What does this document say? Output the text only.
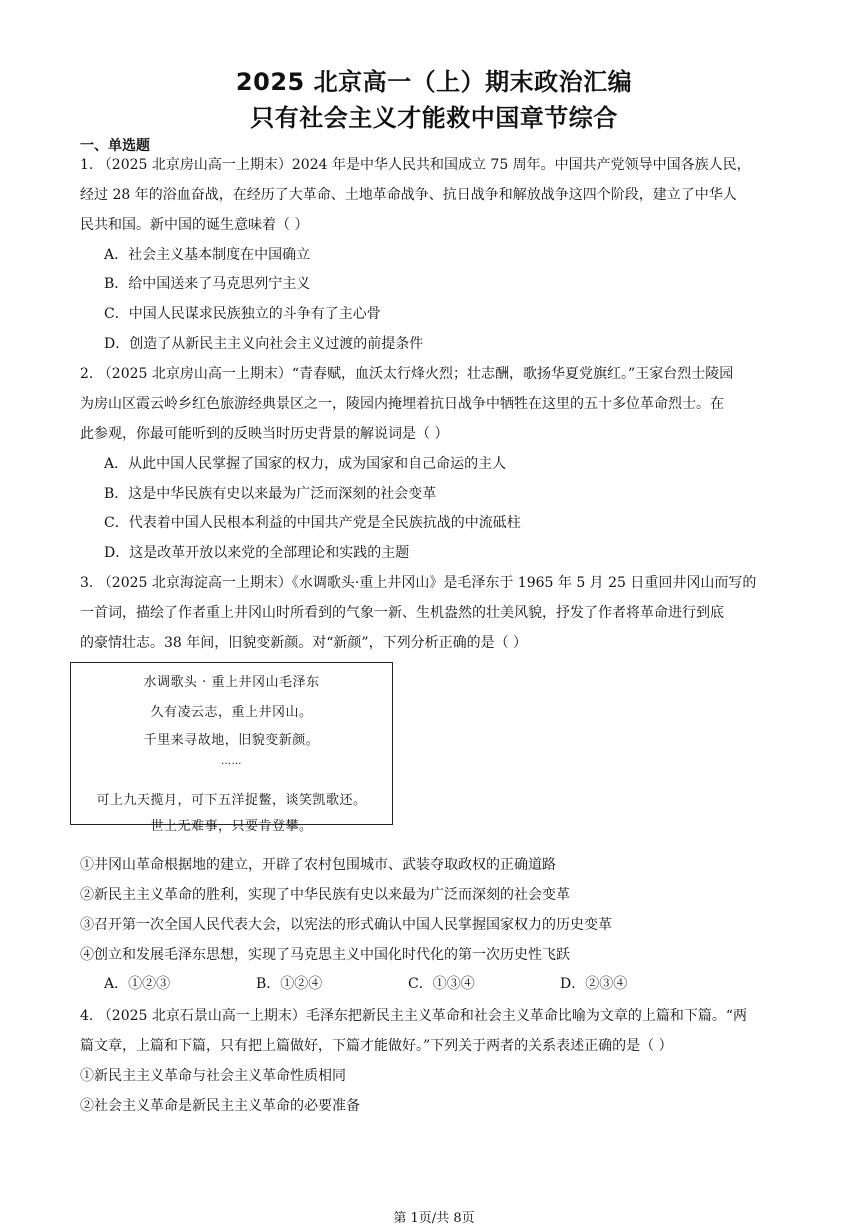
2025 北京高一（上）期末政治汇编
只有社会主义才能救中国章节综合
一、单选题
1. （2025 北京房山高一上期末）2024 年是中华人民共和国成立 75 周年。中国共产党领导中国各族人民，
经过 28 年的浴血奋战，在经历了大革命、土地革命战争、抗日战争和解放战争这四个阶段，建立了中华人
民共和国。新中国的诞生意味着（ ）
A．社会主义基本制度在中国确立
B．给中国送来了马克思列宁主义
C．中国人民谋求民族独立的斗争有了主心骨
D．创造了从新民主主义向社会主义过渡的前提条件
2. （2025 北京房山高一上期末）“青春赋，血沃太行烽火烈；壮志酬，歌扬华夏党旗红。”王家台烈士陵园
为房山区霞云岭乡红色旅游经典景区之一，陵园内掩埋着抗日战争中牺牲在这里的五十多位革命烈士。在
此参观，你最可能听到的反映当时历史背景的解说词是（ ）
A．从此中国人民掌握了国家的权力，成为国家和自己命运的主人
B．这是中华民族有史以来最为广泛而深刻的社会变革
C．代表着中国人民根本利益的中国共产党是全民族抗战的中流砥柱
D．这是改革开放以来党的全部理论和实践的主题
3. （2025 北京海淀高一上期末）《水调歌头·重上井冈山》是毛泽东于 1965 年 5 月 25 日重回井冈山而写的
一首词，描绘了作者重上井冈山时所看到的气象一新、生机盎然的壮美风貌，抒发了作者将革命进行到底
的豪情壮志。38 年间，旧貌变新颜。对“新颜”，下列分析正确的是（ ）
水调歌头 · 重上井冈山毛泽东
久有凌云志，重上井冈山。
千里来寻故地，旧貌变新颜。
……
可上九天揽月，可下五洋捉鳖，谈笑凯歌还。
世上无难事，只要肯登攀。
①井冈山革命根据地的建立，开辟了农村包围城市、武装夺取政权的正确道路
②新民主主义革命的胜利，实现了中华民族有史以来最为广泛而深刻的社会变革
③召开第一次全国人民代表大会，以宪法的形式确认中国人民掌握国家权力的历史变革
④创立和发展毛泽东思想，实现了马克思主义中国化时代化的第一次历史性飞跃
A．①②③	B．①②④	C．①③④	D．②③④
4. （2025 北京石景山高一上期末）毛泽东把新民主主义革命和社会主义革命比喻为文章的上篇和下篇。“两
篇文章，上篇和下篇，只有把上篇做好，下篇才能做好。”下列关于两者的关系表述正确的是（ ）
①新民主主义革命与社会主义革命性质相同
②社会主义革命是新民主主义革命的必要准备
第 1页/共 8页
